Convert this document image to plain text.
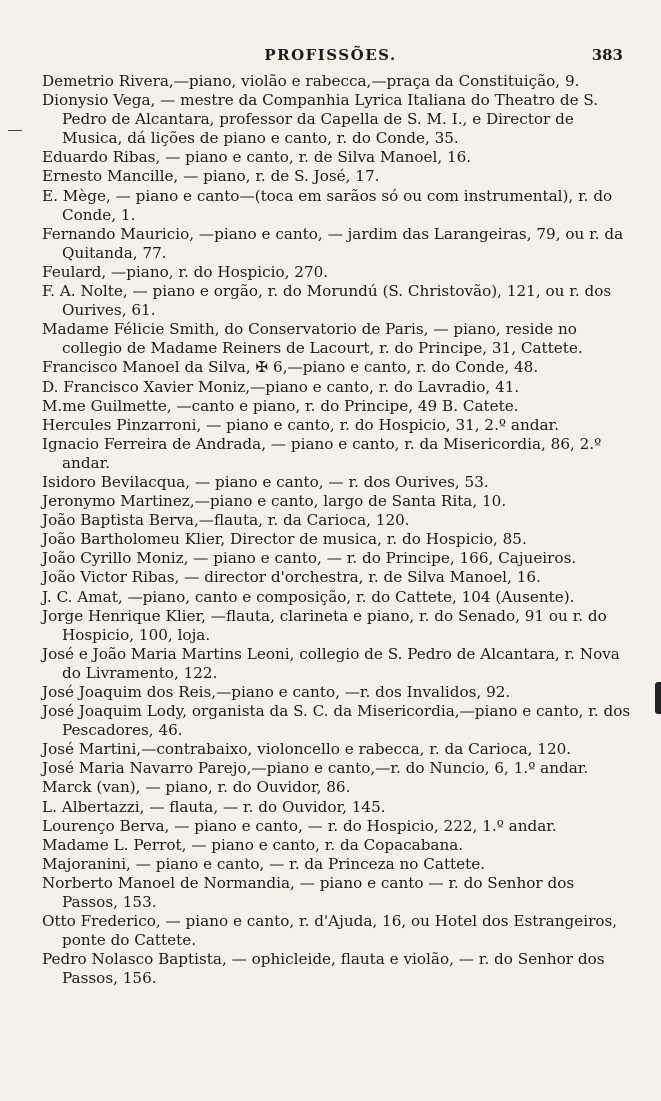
PROFISSÕES.	383
Demetrio Rivera,—piano, violão e rabecca,—praça da Constituição, 9.
Dionysio Vega, — mestre da Companhia Lyrica Italiana do Theatro de S. Pedro de Alcantara, professor da Capella de S. M. I., e Director de Musica, dá lições de piano e canto, r. do Conde, 35.
Eduardo Ribas, — piano e canto, r. de Silva Manoel, 16.
Ernesto Mancille, — piano, r. de S. José, 17.
E. Mège, — piano e canto—(toca em sarãos só ou com instrumental), r. do Conde, 1.
Fernando Mauricio, —piano e canto, — jardim das Larangeiras, 79, ou r. da Quitanda, 77.
Feulard, —piano, r. do Hospicio, 270.
F. A. Nolte, — piano e orgão, r. do Morundú (S. Christovão), 121, ou r. dos Ourives, 61.
Madame Félicie Smith, do Conservatorio de Paris, — piano, reside no collegio de Madame Reiners de Lacourt, r. do Principe, 31, Cattete.
Francisco Manoel da Silva, ✠ 6,—piano e canto, r. do Conde, 48.
D. Francisco Xavier Moniz,—piano e canto, r. do Lavradio, 41.
M.me Guilmette, —canto e piano, r. do Principe, 49 B. Catete.
Hercules Pinzarroni, — piano e canto, r. do Hospicio, 31, 2.º andar.
Ignacio Ferreira de Andrada, — piano e canto, r. da Misericordia, 86, 2.º andar.
Isidoro Bevilacqua, — piano e canto, — r. dos Ourives, 53.
Jeronymo Martinez,—piano e canto, largo de Santa Rita, 10.
João Baptista Berva,—flauta, r. da Carioca, 120.
João Bartholomeu Klier, Director de musica, r. do Hospicio, 85.
João Cyrillo Moniz, — piano e canto, — r. do Principe, 166, Cajueiros.
João Victor Ribas, — director d'orchestra, r. de Silva Manoel, 16.
J. C. Amat, —piano, canto e composição, r. do Cattete, 104 (Ausente).
Jorge Henrique Klier, —flauta, clarineta e piano, r. do Senado, 91 ou r. do Hospicio, 100, loja.
José e João Maria Martins Leoni, collegio de S. Pedro de Alcantara, r. Nova do Livramento, 122.
José Joaquim dos Reis,—piano e canto, —r. dos Invalidos, 92.
José Joaquim Lody, organista da S. C. da Misericordia,—piano e canto, r. dos Pescadores, 46.
José Martini,—contrabaixo, violoncello e rabecca, r. da Carioca, 120.
José Maria Navarro Parejo,—piano e canto,—r. do Nuncio, 6, 1.º andar.
Marck (van), — piano, r. do Ouvidor, 86.
L. Albertazzi, — flauta, — r. do Ouvidor, 145.
Lourenço Berva, — piano e canto, — r. do Hospicio, 222, 1.º andar.
Madame L. Perrot, — piano e canto, r. da Copacabana.
Majoranini, — piano e canto, — r. da Princeza no Cattete.
Norberto Manoel de Normandia, — piano e canto — r. do Senhor dos Passos, 153.
Otto Frederico, — piano e canto, r. d'Ajuda, 16, ou Hotel dos Estrangeiros, ponte do Cattete.
Pedro Nolasco Baptista, — ophicleide, flauta e violão, — r. do Senhor dos Passos, 156.
